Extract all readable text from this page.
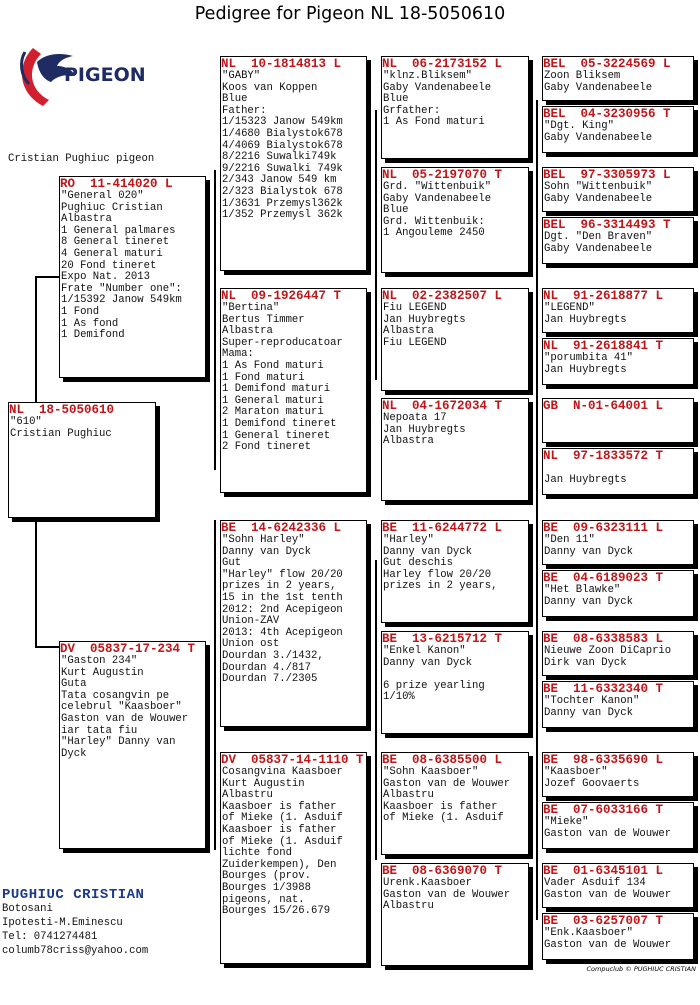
Pedigree for Pigeon NL 18-5050610
PIGEON
Cristian Pughiuc pigeon
NL  18-5050610
"610"
Cristian Pughiuc
RO  11-414020 L
"General 020"
Pughiuc Cristian
Albastra
1 General palmares
8 General tineret
4 General maturi
20 Fond tineret
Expo Nat. 2013
Frate "Number one":
1/15392 Janow 549km
1 Fond
1 As fond
1 Demifond
DV  05837-17-234 T
"Gaston 234"
Kurt Augustin
Guta
Tata cosangvin pe
celebrul "Kaasboer"
Gaston van de Wouwer
iar tata fiu
"Harley" Danny van
Dyck
NL  10-1814813 L
"GABY"
Koos van Koppen
Blue
Father:
1/15323 Janow 549km
1/4680 Bialystok678
4/4069 Bialystok678
8/2216 Suwalki749k
9/2216 Suwalki 749k
2/343 Janow 549 km
2/323 Bialystok 678
1/3631 Przemysl362k
1/352 Przemysl 362k
NL  09-1926447 T
"Bertina"
Bertus Timmer
Albastra
Super-reproducatoar
Mama:
1 As Fond maturi
1 Fond maturi
1 Demifond maturi
1 General maturi
2 Maraton maturi
1 Demifond tineret
1 General tineret
2 Fond tineret
BE  14-6242336 L
"Sohn Harley"
Danny van Dyck
Gut
"Harley" flow 20/20
prizes in 2 years,
15 in the 1st tenth
2012: 2nd Acepigeon
Union-ZAV
2013: 4th Acepigeon
Union ost
Dourdan 3./1432,
Dourdan 4./817
Dourdan 7./2305
DV  05837-14-1110 T
Cosangvina Kaasboer
Kurt Augustin
Albastru
Kaasboer is father
of Mieke (1. Asduif
Kaasboer is father
of Mieke (1. Asduif
lichte fond
Zuiderkempen), Den
Bourges (prov.
Bourges 1/3988
pigeons, nat.
Bourges 15/26.679
NL  06-2173152 L
"klnz.Bliksem"
Gaby Vandenabeele
Blue
Grfather:
1 As Fond maturi
NL  05-2197070 T
Grd. "Wittenbuik"
Gaby Vandenabeele
Blue
Grd. Wittenbuik:
1 Angouleme 2450
NL  02-2382507 L
Fiu LEGEND
Jan Huybregts
Albastra
Fiu LEGEND
NL  04-1672034 T
Nepoata 17
Jan Huybregts
Albastra
BE  11-6244772 L
"Harley"
Danny van Dyck
Gut deschis
Harley flow 20/20
prizes in 2 years,
BE  13-6215712 T
"Enkel Kanon"
Danny van Dyck

6 prize yearling
1/10%
BE  08-6385500 L
"Sohn Kaasboer"
Gaston van de Wouwer
Albastru
Kaasboer is father
of Mieke (1. Asduif
BE  08-6369070 T
Urenk.Kaasboer
Gaston van de Wouwer
Albastru
BEL  05-3224569 L
Zoon Bliksem
Gaby Vandenabeele
BEL  04-3230956 T
"Dgt. King"
Gaby Vandenabeele
BEL  97-3305973 L
Sohn "Wittenbuik"
Gaby Vandenabeele
BEL  96-3314493 T
Dgt. "Den Braven"
Gaby Vandenabeele
NL  91-2618877 L
"LEGEND"
Jan Huybregts
NL  91-2618841 T
"porumbita 41"
Jan Huybregts
GB  N-01-64001 L
NL  97-1833572 T

Jan Huybregts
BE  09-6323111 L
"Den 11"
Danny van Dyck
BE  04-6189023 T
"Het Blawke"
Danny van Dyck
BE  08-6338583 L
Nieuwe Zoon DiCaprio
Dirk van Dyck
BE  11-6332340 T
"Tochter Kanon"
Danny van Dyck
BE  98-6335690 L
"Kaasboer"
Jozef Goovaerts
BE  07-6033166 T
"Mieke"
Gaston van de Wouwer
BE  01-6345101 L
Vader Asduif 134
Gaston van de Wouwer
BE  03-6257007 T
"Enk.Kaasboer"
Gaston van de Wouwer
PUGHIUC CRISTIAN
Botosani
Ipotesti-M.Eminescu
Tel: 0741274481
columb78criss@yahoo.com
Compuclub © PUGHIUC CRISTIAN
